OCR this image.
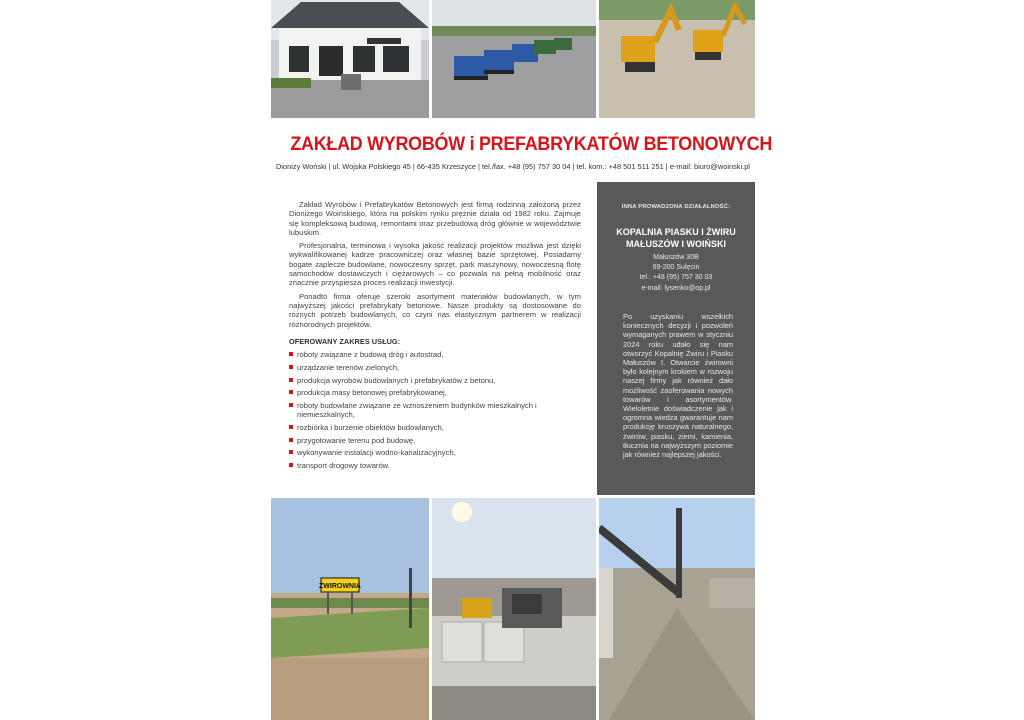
ZAKŁAD WYROBÓW i PREFABRYKATÓW BETONOWYCH
Dionizy Woński | ul. Wojska Polskiego 45 | 66-435 Krzeszyce | tel./fax. +48 (95) 757 30 04 | tel. kom.: +48 501 511 251 | e-mail: biuro@woinski.pl

Zakład Wyrobów i Prefabrykatów Betonowych jest firmą rodzinną założoną przez Dionizego Woińskiego, która na polskim rynku prężnie działa od 1982 roku. Zajmuje się kompleksową budową, remontami oraz przebudową dróg głównie w województwie lubuskim.

Profesjonalna, terminowa i wysoka jakość realizacji projektów możliwa jest dzięki wykwalifikowanej kadrze pracowniczej oraz własnej bazie sprzętowej. Posiadamy bogate zaplecze budowlane, nowoczesny sprzęt, park maszynowy, nowoczesną flotę samochodów dostawczych i ciężarowych – co pozwala na pełną mobilność oraz znacznie przyspiesza proces realizacji inwestycji.

Ponadto firma oferuje szeroki asortyment materiałów budowlanych, w tym najwyższej jakości prefabrykaty betonowe. Nasze produkty są dostosowane do różnych potrzeb budowlanych, co czyni nas elastycznym partnerem w realizacji różnorodnych projektów.

OFEROWANY ZAKRES USŁUG:
roboty związane z budową dróg i autostrad,
urządzanie terenów zielonych,
produkcja wyrobów budowlanych i prefabrykatów z betonu,
produkcja masy betonowej prefabrykowanej,
roboty budowlane związane ze wznoszeniem budynków mieszkalnych i niemieszkalnych,
rozbiórka i burzenie obiektów budowlanych,
przygotowanie terenu pod budowę,
wykonywanie instalacji wodno-kanalizacyjnych,
transport drogowy towarów.
INNA PROWADZONA DZIAŁALNOŚĆ:
KOPALNIA PIASKU I ŻWIRU
MAŁUSZÓW I WOIŃSKI
Małuszów 30B
69-200 Sulęcin
tel.: +48 (95) 757 30 03
e-mail: lysenko@op.pl
Po uzyskaniu wszelkich koniecznych decyzji i pozwoleń wymaganych prawem w styczniu 2024 roku udało się nam otworzyć Kopalnię Żwiru i Piasku Małuszów I. Otwarcie żwirowni było kolejnym krokiem w rozwoju naszej firmy jak również dało możliwość zaoferowania nowych towarów i asortymentów. Wieloletnie doświadczenie jak i ogromna wiedza gwarantuje nam produkcję kruszywa naturalnego, żwirów, piasku, ziemi, kamienia, tłucznia na najwyższym poziomie jak również najlepszej jakości.
ŻWIROWNIA
